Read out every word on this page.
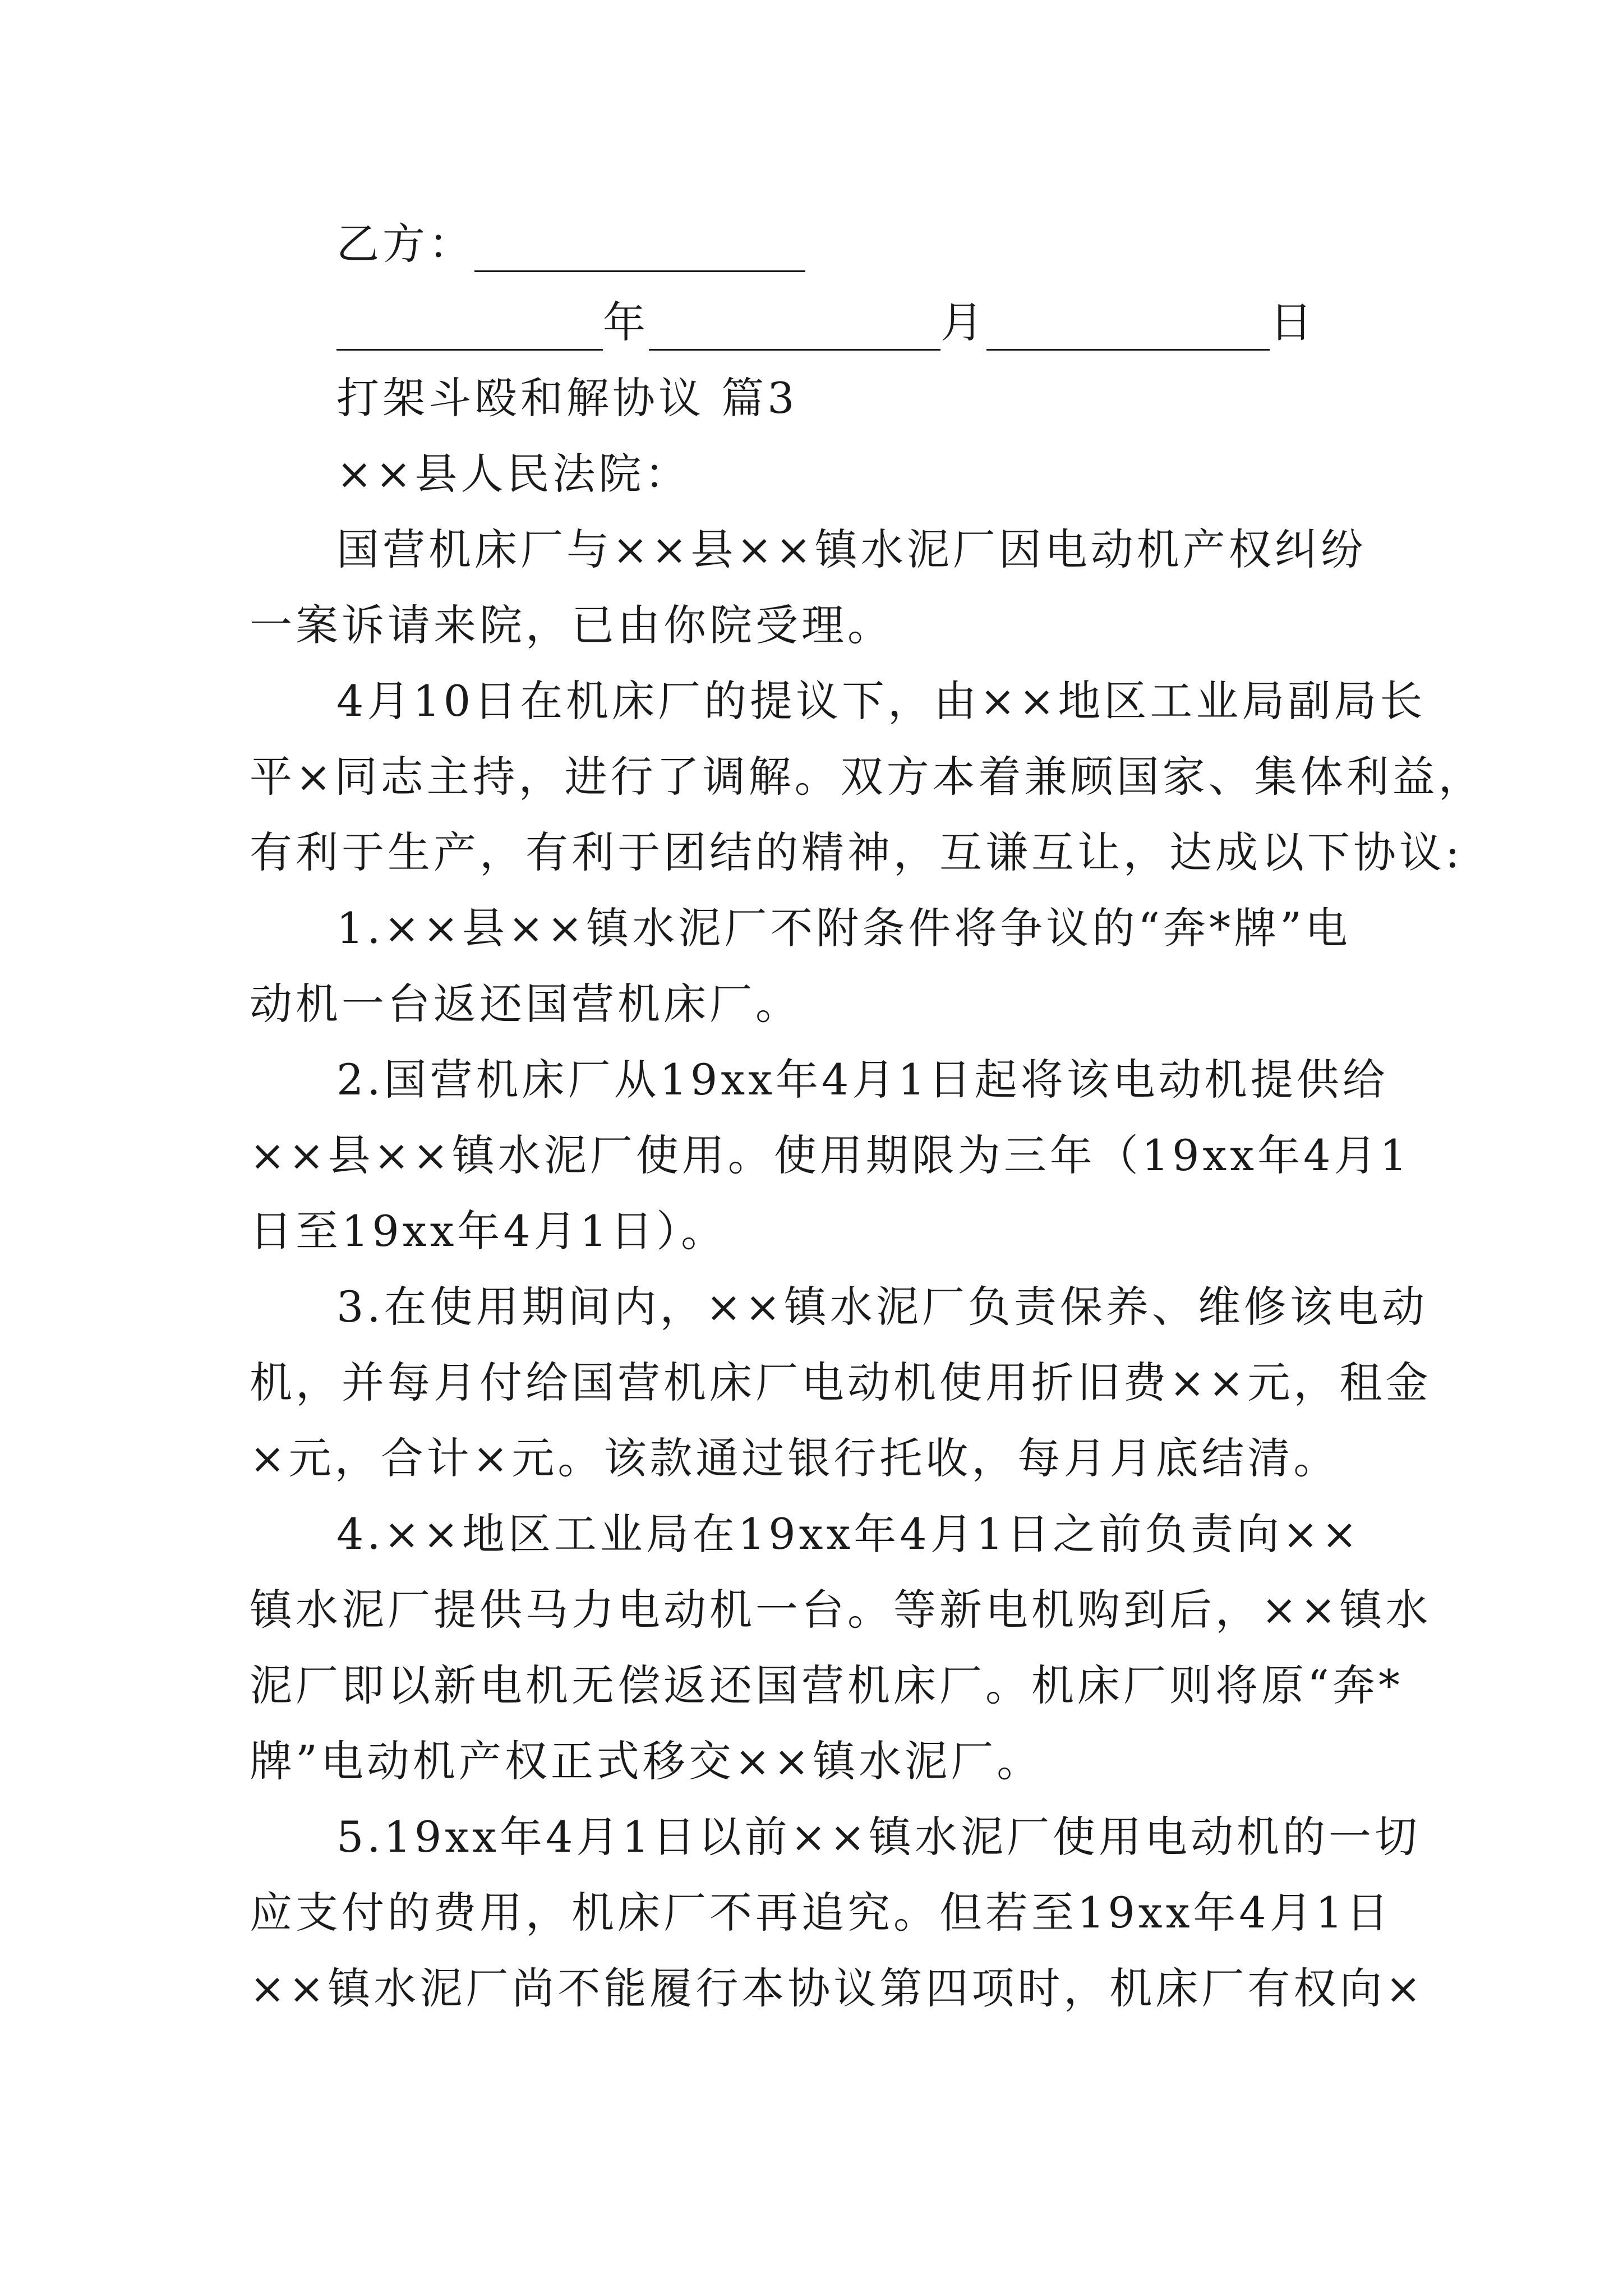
乙方：
年	月	日
打架斗殴和解协议 篇3
××县人民法院：
国营机床厂与××县××镇水泥厂因电动机产权纠纷
一案诉请来院，已由你院受理。
4月10日在机床厂的提议下，由××地区工业局副局长
平×同志主持，进行了调解。双方本着兼顾国家、集体利益，
有利于生产，有利于团结的精神，互谦互让，达成以下协议:
1.××县××镇水泥厂不附条件将争议的“奔*牌”电
动机一台返还国营机床厂。
2.国营机床厂从19xx年4月1日起将该电动机提供给
××县××镇水泥厂使用。使用期限为三年（19xx年4月1
日至19xx年4月1日）。
3.在使用期间内，××镇水泥厂负责保养、维修该电动
机，并每月付给国营机床厂电动机使用折旧费××元，租金
×元，合计×元。该款通过银行托收，每月月底结清。
4.××地区工业局在19xx年4月1日之前负责向××
镇水泥厂提供马力电动机一台。等新电机购到后，××镇水
泥厂即以新电机无偿返还国营机床厂。机床厂则将原“奔*
牌”电动机产权正式移交××镇水泥厂。
5.19xx年4月1日以前××镇水泥厂使用电动机的一切
应支付的费用，机床厂不再追究。但若至19xx年4月1日
××镇水泥厂尚不能履行本协议第四项时，机床厂有权向×
